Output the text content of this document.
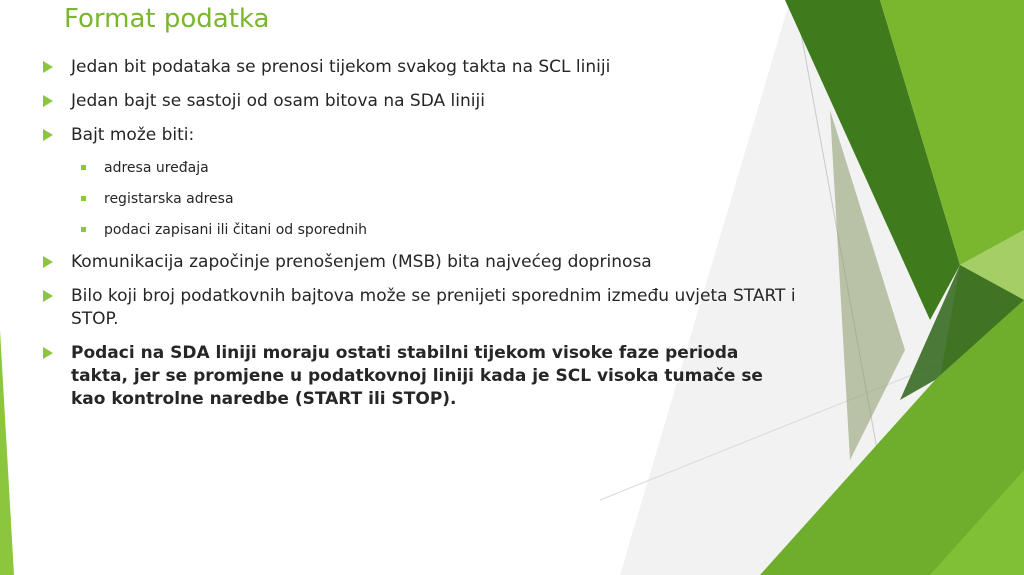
Format podatka
Jedan bit podataka se prenosi tijekom svakog takta na SCL liniji
Jedan bajt se sastoji od osam bitova na SDA liniji
Bajt može biti:
adresa uređaja
registarska adresa
podaci zapisani ili čitani od sporednih
Komunikacija započinje prenošenjem (MSB) bita najvećeg doprinosa
Bilo koji broj podatkovnih bajtova može se prenijeti sporednim između uvjeta START i STOP.
Podaci na SDA liniji moraju ostati stabilni tijekom visoke faze perioda takta, jer se promjene u podatkovnoj liniji kada je SCL visoka tumače se kao kontrolne naredbe (START ili STOP).
